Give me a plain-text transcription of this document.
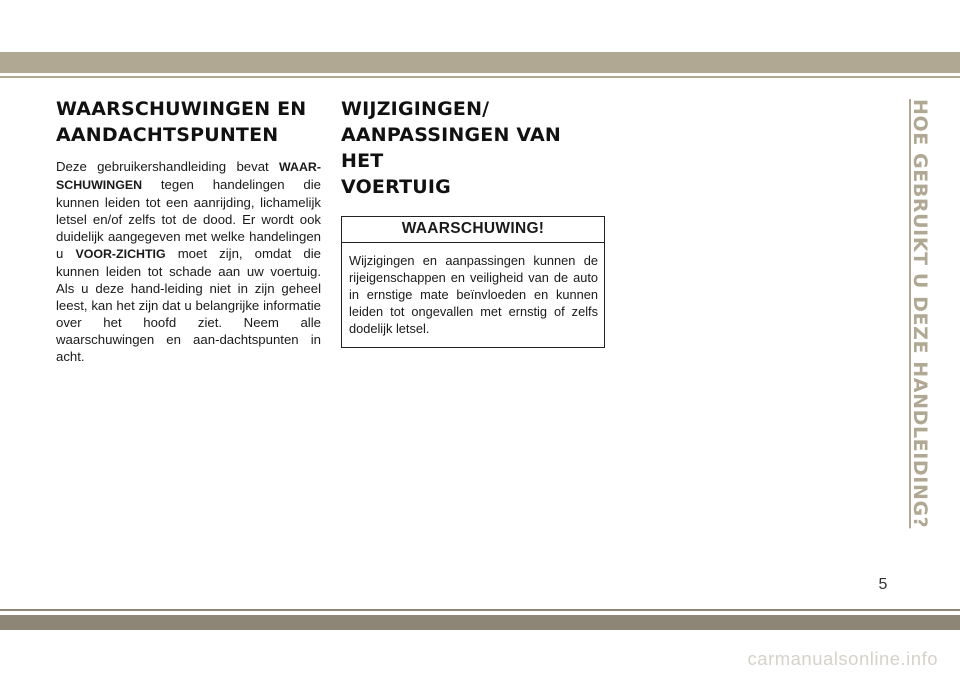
WAARSCHUWINGEN EN
AANDACHTSPUNTEN
Deze gebruikershandleiding bevat WAAR-SCHUWINGEN tegen handelingen die kunnen leiden tot een aanrijding, lichamelijk letsel en/of zelfs tot de dood. Er wordt ook duidelijk aangegeven met welke handelingen u VOOR-ZICHTIG moet zijn, omdat die kunnen leiden tot schade aan uw voertuig. Als u deze hand-leiding niet in zijn geheel leest, kan het zijn dat u belangrijke informatie over het hoofd ziet. Neem alle waarschuwingen en aan-dachtspunten in acht.
WIJZIGINGEN/
AANPASSINGEN VAN HET
VOERTUIG
WAARSCHUWING!
Wijzigingen en aanpassingen kunnen de rijeigenschappen en veiligheid van de auto in ernstige mate beïnvloeden en kunnen leiden tot ongevallen met ernstig of zelfs dodelijk letsel.	HOE GEBRUIKT U DEZE HANDLEIDING?
5
carmanualsonline.info
